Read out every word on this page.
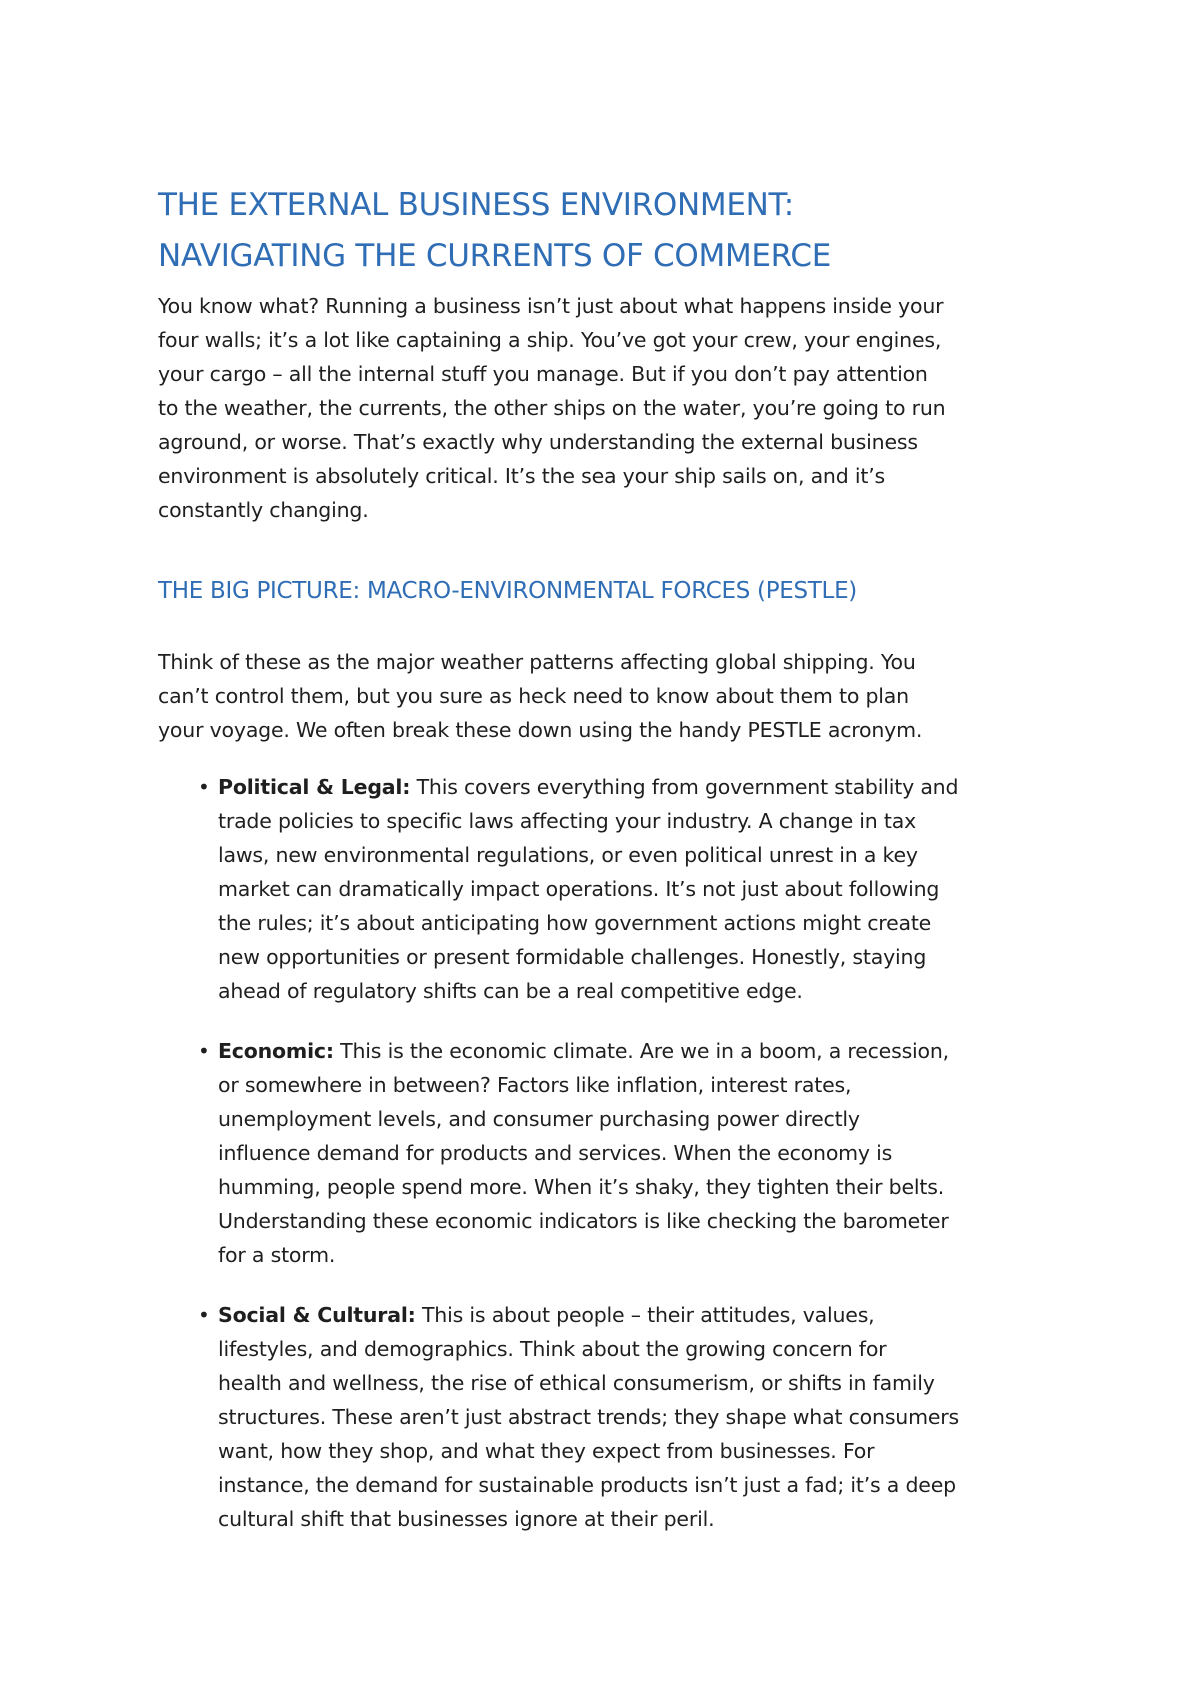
THE EXTERNAL BUSINESS ENVIRONMENT:
NAVIGATING THE CURRENTS OF COMMERCE

You know what? Running a business isn’t just about what happens inside your
four walls; it’s a lot like captaining a ship. You’ve got your crew, your engines,
your cargo – all the internal stuff you manage. But if you don’t pay attention
to the weather, the currents, the other ships on the water, you’re going to run
aground, or worse. That’s exactly why understanding the external business
environment is absolutely critical. It’s the sea your ship sails on, and it’s
constantly changing.

THE BIG PICTURE: MACRO-ENVIRONMENTAL FORCES (PESTLE)

Think of these as the major weather patterns affecting global shipping. You
can’t control them, but you sure as heck need to know about them to plan
your voyage. We often break these down using the handy PESTLE acronym.

• Political & Legal: This covers everything from government stability and
trade policies to specific laws affecting your industry. A change in tax
laws, new environmental regulations, or even political unrest in a key
market can dramatically impact operations. It’s not just about following
the rules; it’s about anticipating how government actions might create
new opportunities or present formidable challenges. Honestly, staying
ahead of regulatory shifts can be a real competitive edge.
• Economic: This is the economic climate. Are we in a boom, a recession,
or somewhere in between? Factors like inflation, interest rates,
unemployment levels, and consumer purchasing power directly
influence demand for products and services. When the economy is
humming, people spend more. When it’s shaky, they tighten their belts.
Understanding these economic indicators is like checking the barometer
for a storm.
• Social & Cultural: This is about people – their attitudes, values,
lifestyles, and demographics. Think about the growing concern for
health and wellness, the rise of ethical consumerism, or shifts in family
structures. These aren’t just abstract trends; they shape what consumers
want, how they shop, and what they expect from businesses. For
instance, the demand for sustainable products isn’t just a fad; it’s a deep
cultural shift that businesses ignore at their peril.
